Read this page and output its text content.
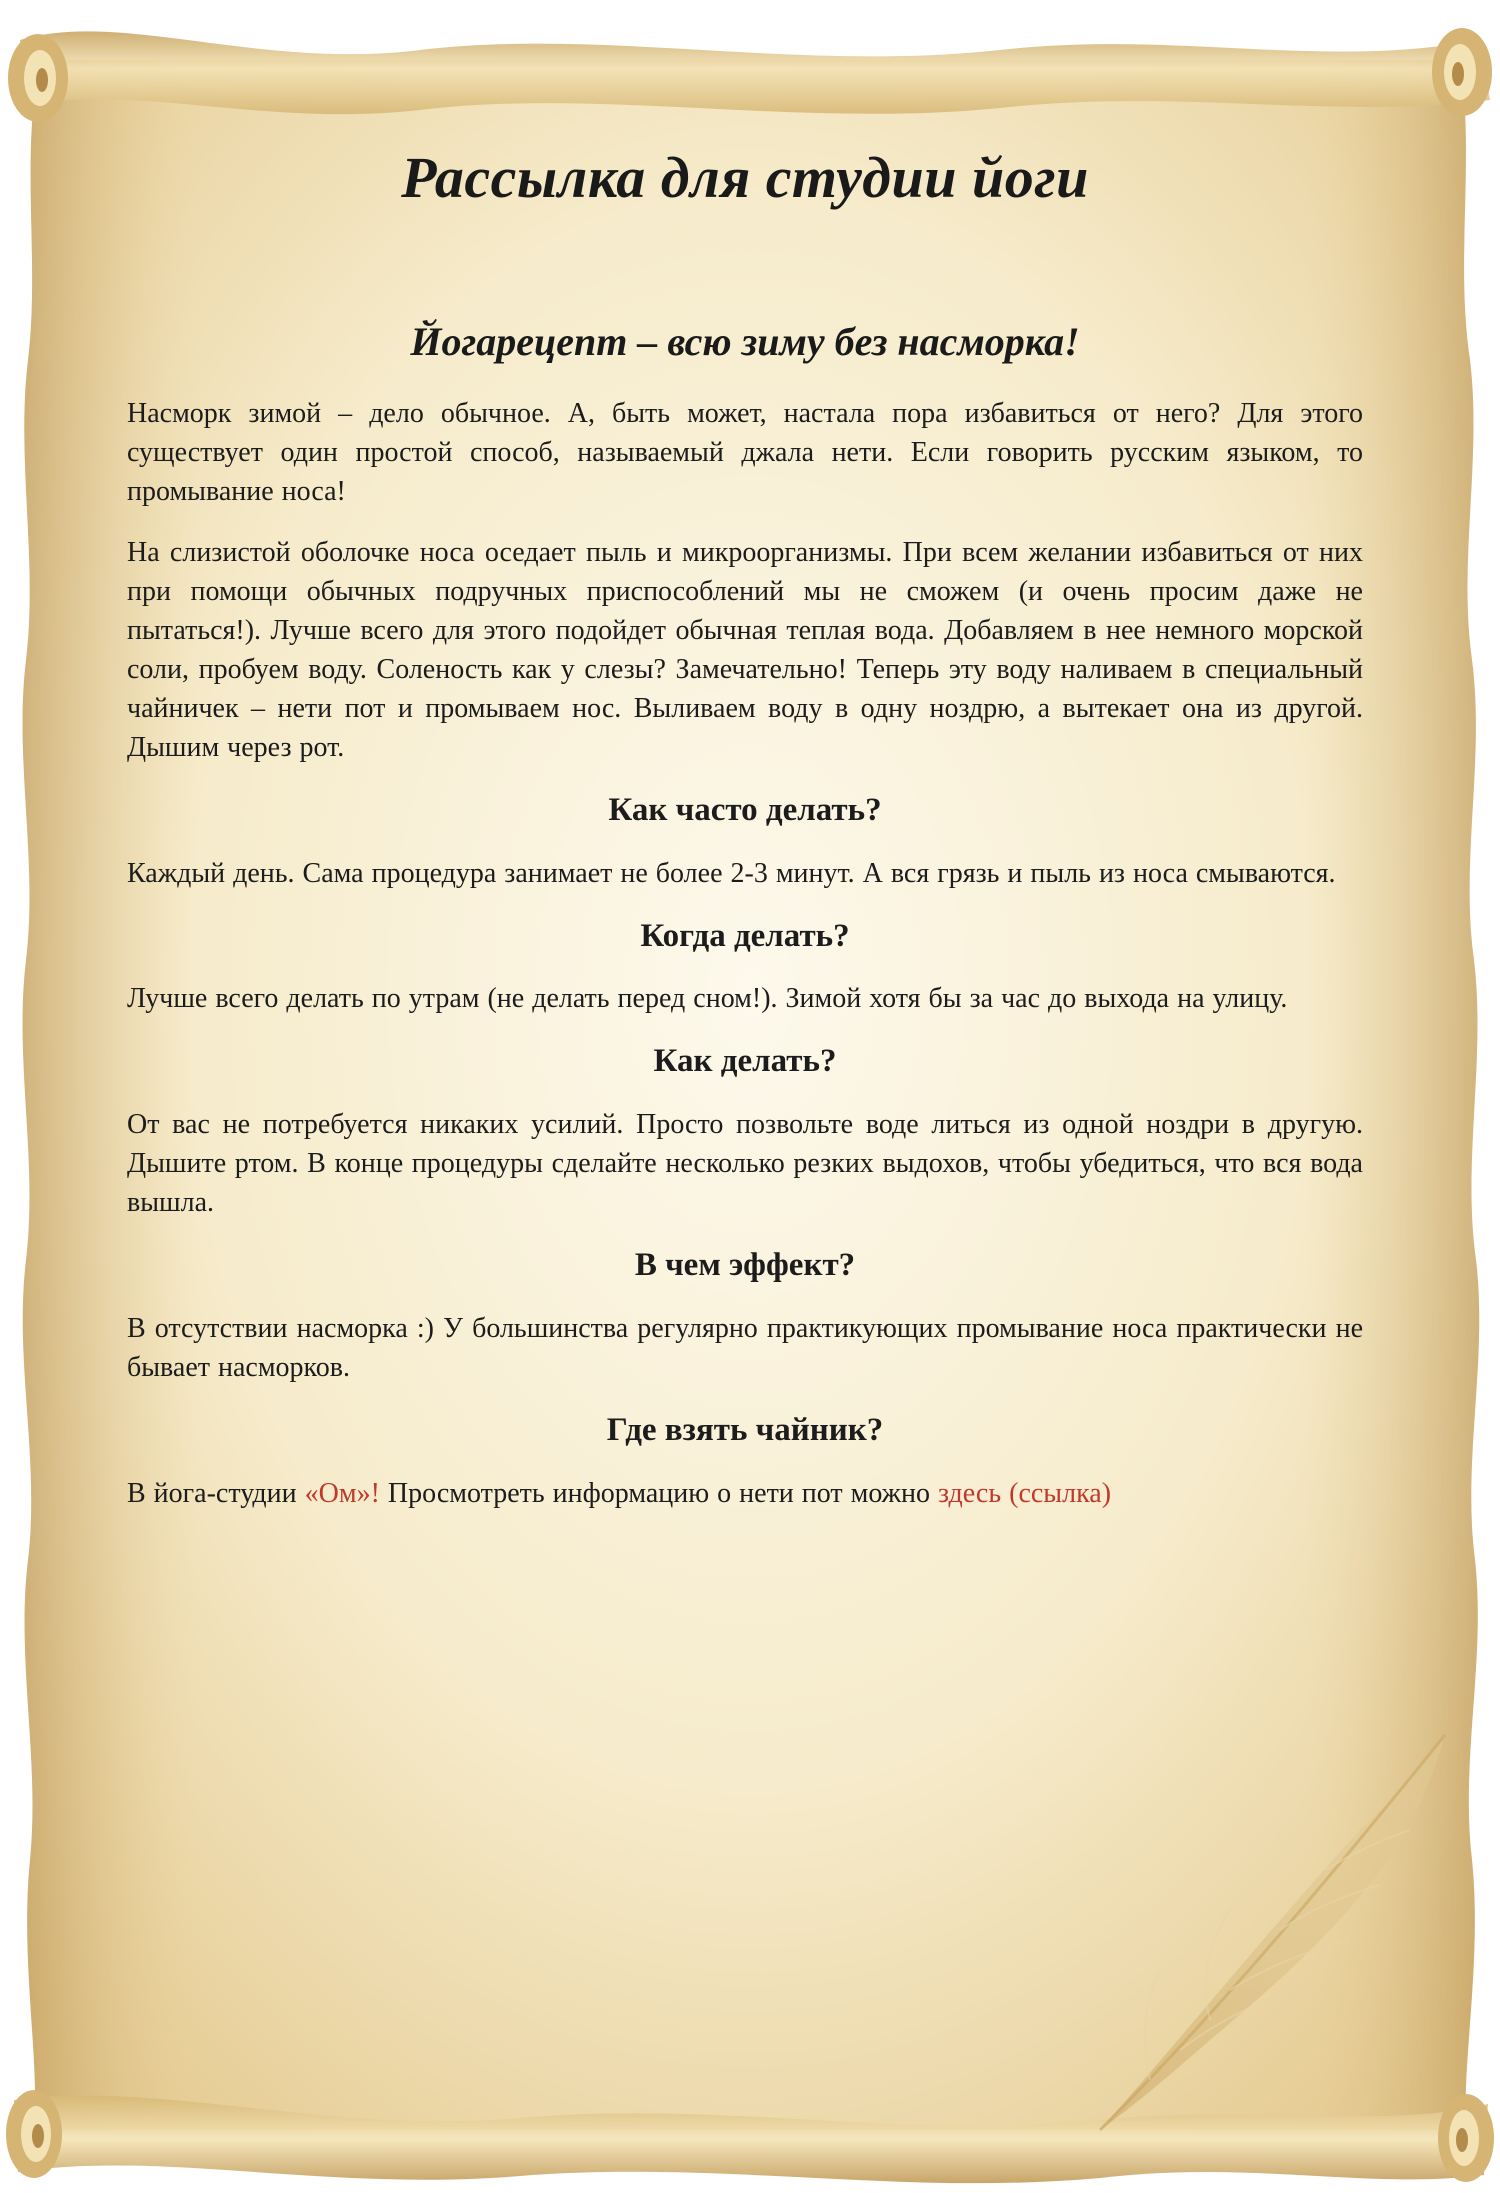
Рассылка для студии йоги
Йогарецепт – всю зиму без насморка!

Насморк зимой – дело обычное. А, быть может, настала пора избавиться от него? Для этого существует один простой способ, называемый джала нети. Если говорить русским языком, то промывание носа!

На слизистой оболочке носа оседает пыль и микроорганизмы. При всем желании избавиться от них при помощи обычных подручных приспособлений мы не сможем (и очень просим даже не пытаться!). Лучше всего для этого подойдет обычная теплая вода. Добавляем в нее немного морской соли, пробуем воду. Соленость как у слезы? Замечательно! Теперь эту воду наливаем в специальный чайничек – нети пот и промываем нос. Выливаем воду в одну ноздрю, а вытекает она из другой. Дышим через рот.

Как часто делать?

Каждый день. Сама процедура занимает не более 2-3 минут. А вся грязь и пыль из носа смываются.

Когда делать?

Лучше всего делать по утрам (не делать перед сном!). Зимой хотя бы за час до выхода на улицу.

Как делать?

От вас не потребуется никаких усилий. Просто позвольте воде литься из одной ноздри в другую. Дышите ртом. В конце процедуры сделайте несколько резких выдохов, чтобы убедиться, что вся вода вышла.

В чем эффект?

В отсутствии насморка :) У большинства регулярно практикующих промывание носа практически не бывает насморков.

Где взять чайник?

В йога-студии «Ом»! Просмотреть информацию о нети пот можно здесь (ссылка)
